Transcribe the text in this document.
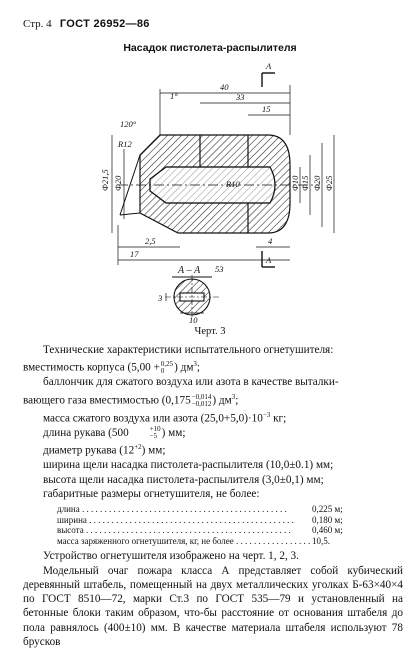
Стр. 4 ГОСТ 26952—86
Насадок пистолета-распылителя
40
33
15
1°
120°
R12
R10
Ф21,5 Ф20	Ф10 Ф15 Ф20 Ф25
2,5
17
4
53
А
А
А – А
3
10
Черт. 3

Технические характеристики испытательного огнетушителя:

вместимость корпуса (5,00 + 0,25
0 ) $дм^3$;

баллончик для сжатого воздуха или азота в качестве выталки-

вающего газа вместимостью (0,175 −0,014
−0,012 ) $дм^3$;

масса сжатого воздуха или азота $(25,0+5,0)\cdot 10^{-3}$ кг;

длина рукава (500	+10
−5 ) мм;

диаметр рукава $(12^{+2})$ мм;

ширина щели насадка пистолета-распылителя (10,0±0.1) мм;

высота щели насадка пистолета-распылителя (3,0±0,1) мм;

габаритные размеры огнетушителя, не более:

длина . . .	0,225 м;
ширина . . .	0,180 м;
высота . . .	0,460 м;
масса заряженного огнетушителя, кг, не более . . .	10,5.

Устройство огнетушителя изображено на черт. 1, 2, 3.

Модельный очаг пожара класса А представляет собой кубический деревянный штабель, помещенный на двух металлических уголках Б-63×40×4 по ГОСТ 8510—72, марки Ст.3 по ГОСТ 535—79 и установленный на бетонные блоки таким образом, что-бы расстояние от основания штабеля до пола равнялось (400±10) мм. В качестве материала штабеля используют 78 брусков
